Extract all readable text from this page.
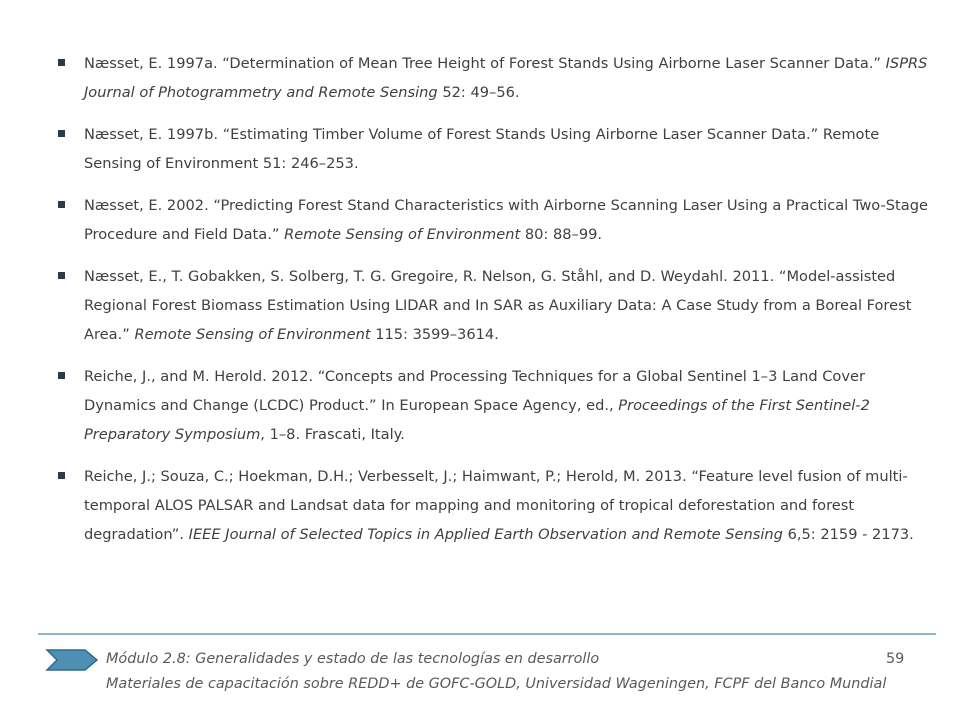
Næsset, E. 1997a. “Determination of Mean Tree Height of Forest Stands Using Airborne Laser Scanner Data.” ISPRS Journal of Photogrammetry and Remote Sensing 52: 49–56.
Næsset, E. 1997b. “Estimating Timber Volume of Forest Stands Using Airborne Laser Scanner Data.” Remote Sensing of Environment 51: 246–253.
Næsset, E. 2002. “Predicting Forest Stand Characteristics with Airborne Scanning Laser Using a Practical Two-Stage Procedure and Field Data.” Remote Sensing of Environment 80: 88–99.
Næsset, E., T. Gobakken, S. Solberg, T. G. Gregoire, R. Nelson, G. Ståhl, and D. Weydahl. 2011. “Model-assisted Regional Forest Biomass Estimation Using LIDAR and In SAR as Auxiliary Data: A Case Study from a Boreal Forest Area.” Remote Sensing of Environment 115: 3599–3614.
Reiche, J., and M. Herold. 2012. “Concepts and Processing Techniques for a Global Sentinel 1–3 Land Cover Dynamics and Change (LCDC) Product.” In European Space Agency, ed., Proceedings of the First Sentinel-2 Preparatory Symposium, 1–8. Frascati, Italy.
Reiche, J.; Souza, C.; Hoekman, D.H.; Verbesselt, J.; Haimwant, P.; Herold, M. 2013. “Feature level fusion of multi-temporal ALOS PALSAR and Landsat data for mapping and monitoring of tropical deforestation and forest degradation”. IEEE Journal of Selected Topics in Applied Earth Observation and Remote Sensing 6,5: 2159 - 2173.
Módulo 2.8: Generalidades y estado de las tecnologías en desarrollo	59
Materiales de capacitación sobre REDD+ de GOFC-GOLD, Universidad Wageningen, FCPF del Banco Mundial
